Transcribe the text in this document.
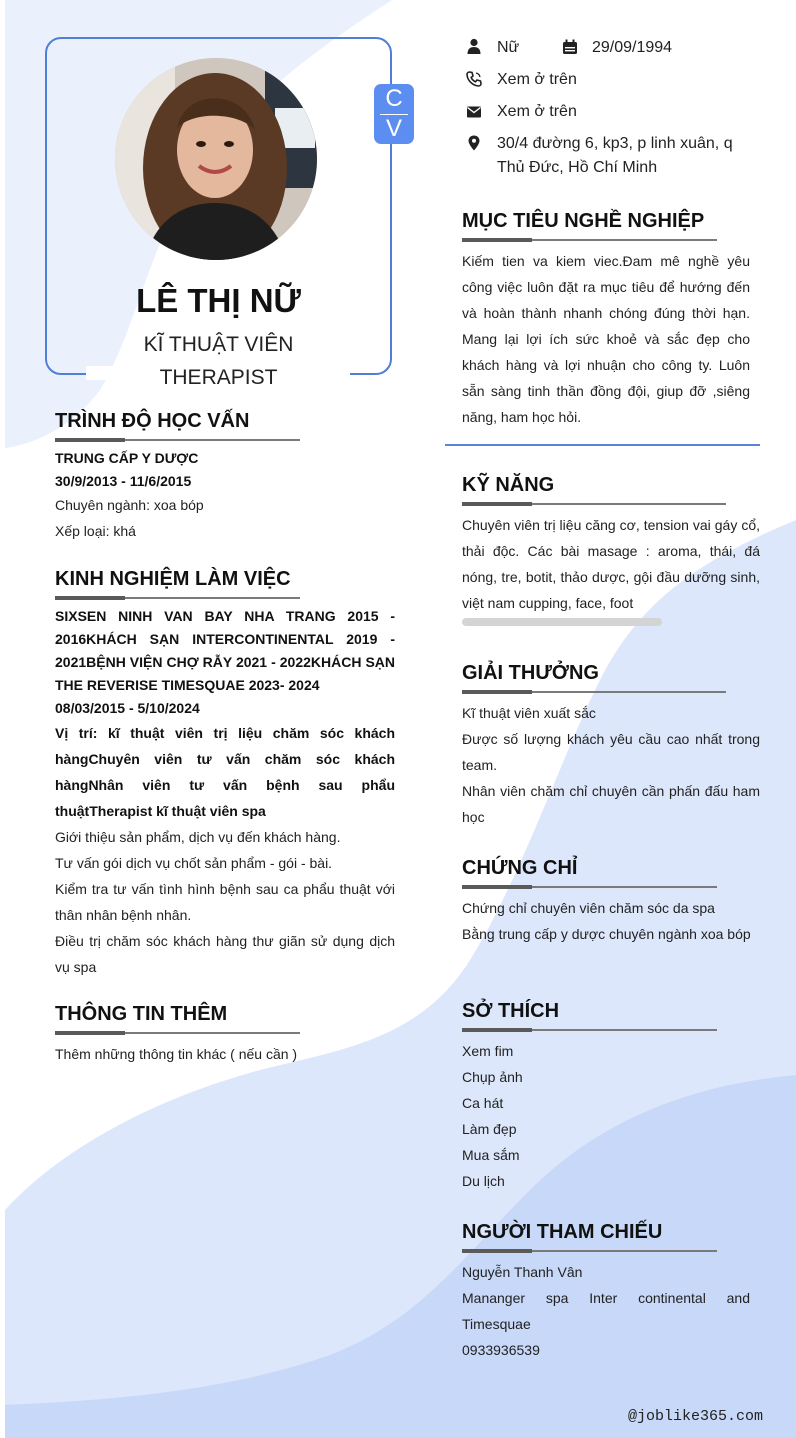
C
V
LÊ THỊ NỮ
KĨ THUẬT VIÊN
THERAPIST
TRÌNH ĐỘ HỌC VẤN
TRUNG CẤP Y DƯỢC
30/9/2013 - 11/6/2015
Chuyên ngành: xoa bóp
Xếp loại: khá
KINH NGHIỆM LÀM VIỆC
SIXSEN NINH VAN BAY NHA TRANG 2015 - 2016KHÁCH SẠN INTERCONTINENTAL 2019 - 2021BỆNH VIỆN CHỢ RẪY 2021 - 2022KHÁCH SẠN THE REVERISE TIMESQUAE 2023- 2024
08/03/2015 - 5/10/2024
Vị trí: kĩ thuật viên trị liệu chăm sóc khách hàngChuyên viên tư vấn chăm sóc khách hàngNhân viên tư vấn bệnh sau phẩu thuậtTherapist kĩ thuật viên spa
Giới thiệu sản phẩm, dịch vụ đến khách hàng.
Tư vấn gói dịch vụ chốt sản phẩm - gói - bài.
Kiểm tra tư vấn tình hình bệnh sau ca phẩu thuật với thân nhân bệnh nhân.
Điều trị chăm sóc khách hàng thư giãn sử dụng dịch vụ spa
THÔNG TIN THÊM
Thêm những thông tin khác ( nếu cần )
Nữ	29/09/1994
Xem ở trên
Xem ở trên
30/4 đường 6, kp3, p linh xuân, q
Thủ Đức, Hồ Chí Minh
MỤC TIÊU NGHỀ NGHIỆP
Kiếm tien va kiem viec.Đam mê nghề yêu công việc luôn đặt ra mục tiêu để hướng đến và hoàn thành nhanh chóng đúng thời hạn. Mang lại lợi ích sức khoẻ và sắc đẹp cho khách hàng và lợi nhuận cho công ty. Luôn sẵn sàng tinh thần đồng đội, giup đỡ ,siêng năng, ham học hỏi.
KỸ NĂNG
Chuyên viên trị liệu căng cơ, tension vai gáy cổ, thải độc. Các bài masage : aroma, thái, đá nóng, tre, botit, thảo dược, gội đầu dưỡng sinh, việt nam cupping, face, foot
GIẢI THƯỞNG
Kĩ thuật viên xuất sắc
Được số lượng khách yêu cầu cao nhất trong team.
Nhân viên chăm chỉ chuyên cần phấn đấu ham học
CHỨNG CHỈ
Chứng chỉ chuyên viên chăm sóc da spa
Bằng trung cấp y dược chuyên ngành xoa bóp
SỞ THÍCH
Xem fim
Chụp ảnh
Ca hát
Làm đẹp
Mua sắm
Du lịch
NGƯỜI THAM CHIẾU
Nguyễn Thanh Vân
Mananger spa Inter continental and Timesquae
0933936539
@joblike365.com
